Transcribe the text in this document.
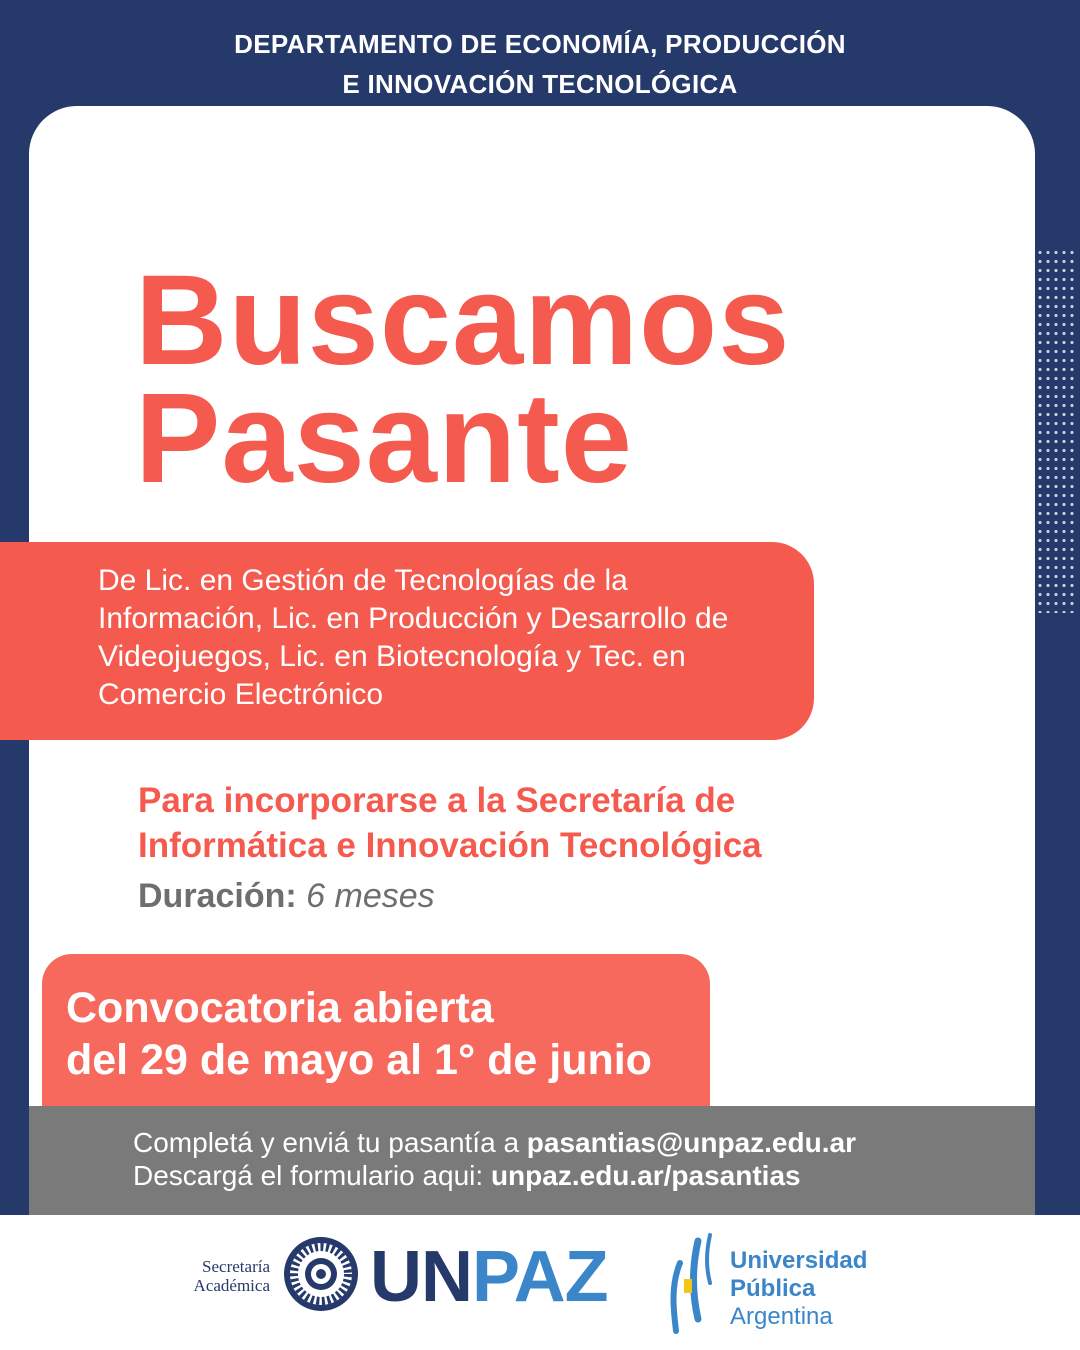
DEPARTAMENTO DE ECONOMÍA, PRODUCCIÓN
E INNOVACIÓN TECNOLÓGICA
Buscamos
Pasante

De Lic. en Gestión de Tecnologías de la Información, Lic. en Producción y Desarrollo de Videojuegos, Lic. en Biotecnología y Tec. en Comercio Electrónico

Para incorporarse a la Secretaría de
Informática e Innovación Tecnológica

Duración: 6 meses

Convocatoria abierta
del 29 de mayo al 1° de junio

Completá y enviá tu pasantía a pasantias@unpaz.edu.ar
Descargá el formulario aqui: unpaz.edu.ar/pasantias

Secretaría
Académica UNPAZ	Universidad
Pública
Argentina
